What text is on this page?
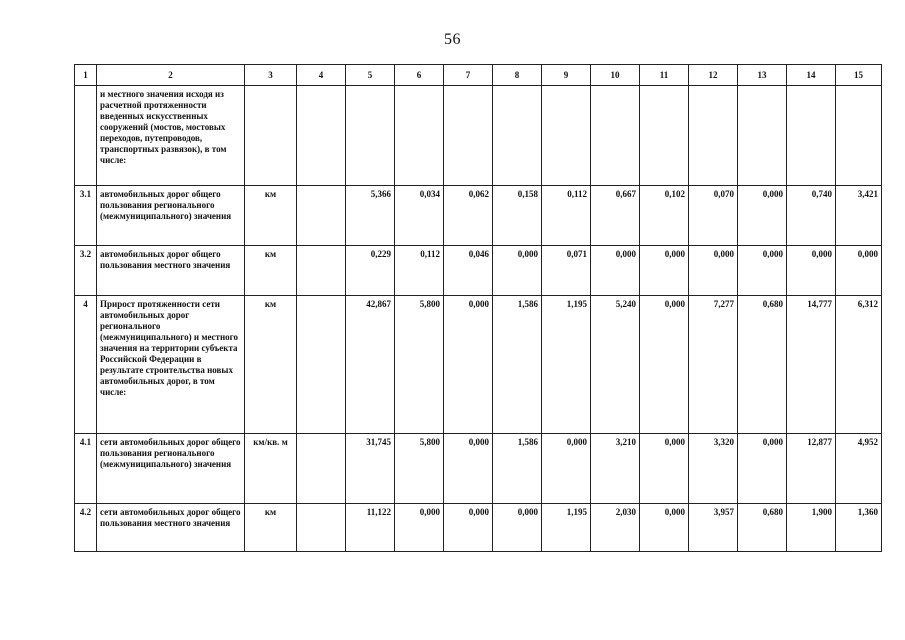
56
1	2	3	4	5	6	7	8	9	10	11	12	13	14	15
	и местного значения исходя из расчетной протяженности введенных искусственных сооружений (мостов, мостовых переходов, путепроводов, транспортных развязок), в том числе:													
3.1	автомобильных дорог общего пользования регионального (межмуниципального) значения	км		5,366	0,034	0,062	0,158	0,112	0,667	0,102	0,070	0,000	0,740	3,421
3.2	автомобильных дорог общего пользования местного значения	км		0,229	0,112	0,046	0,000	0,071	0,000	0,000	0,000	0,000	0,000	0,000
4	Прирост протяженности сети автомобильных дорог регионального (межмуниципального) и местного значения на территории субъекта Российской Федерации в результате строительства новых автомобильных дорог, в том числе:	км		42,867	5,800	0,000	1,586	1,195	5,240	0,000	7,277	0,680	14,777	6,312
4.1	сети автомобильных дорог общего пользования регионального (межмуниципального) значения	км/кв. м		31,745	5,800	0,000	1,586	0,000	3,210	0,000	3,320	0,000	12,877	4,952
4.2	сети автомобильных дорог общего пользования местного значения	км		11,122	0,000	0,000	0,000	1,195	2,030	0,000	3,957	0,680	1,900	1,360
